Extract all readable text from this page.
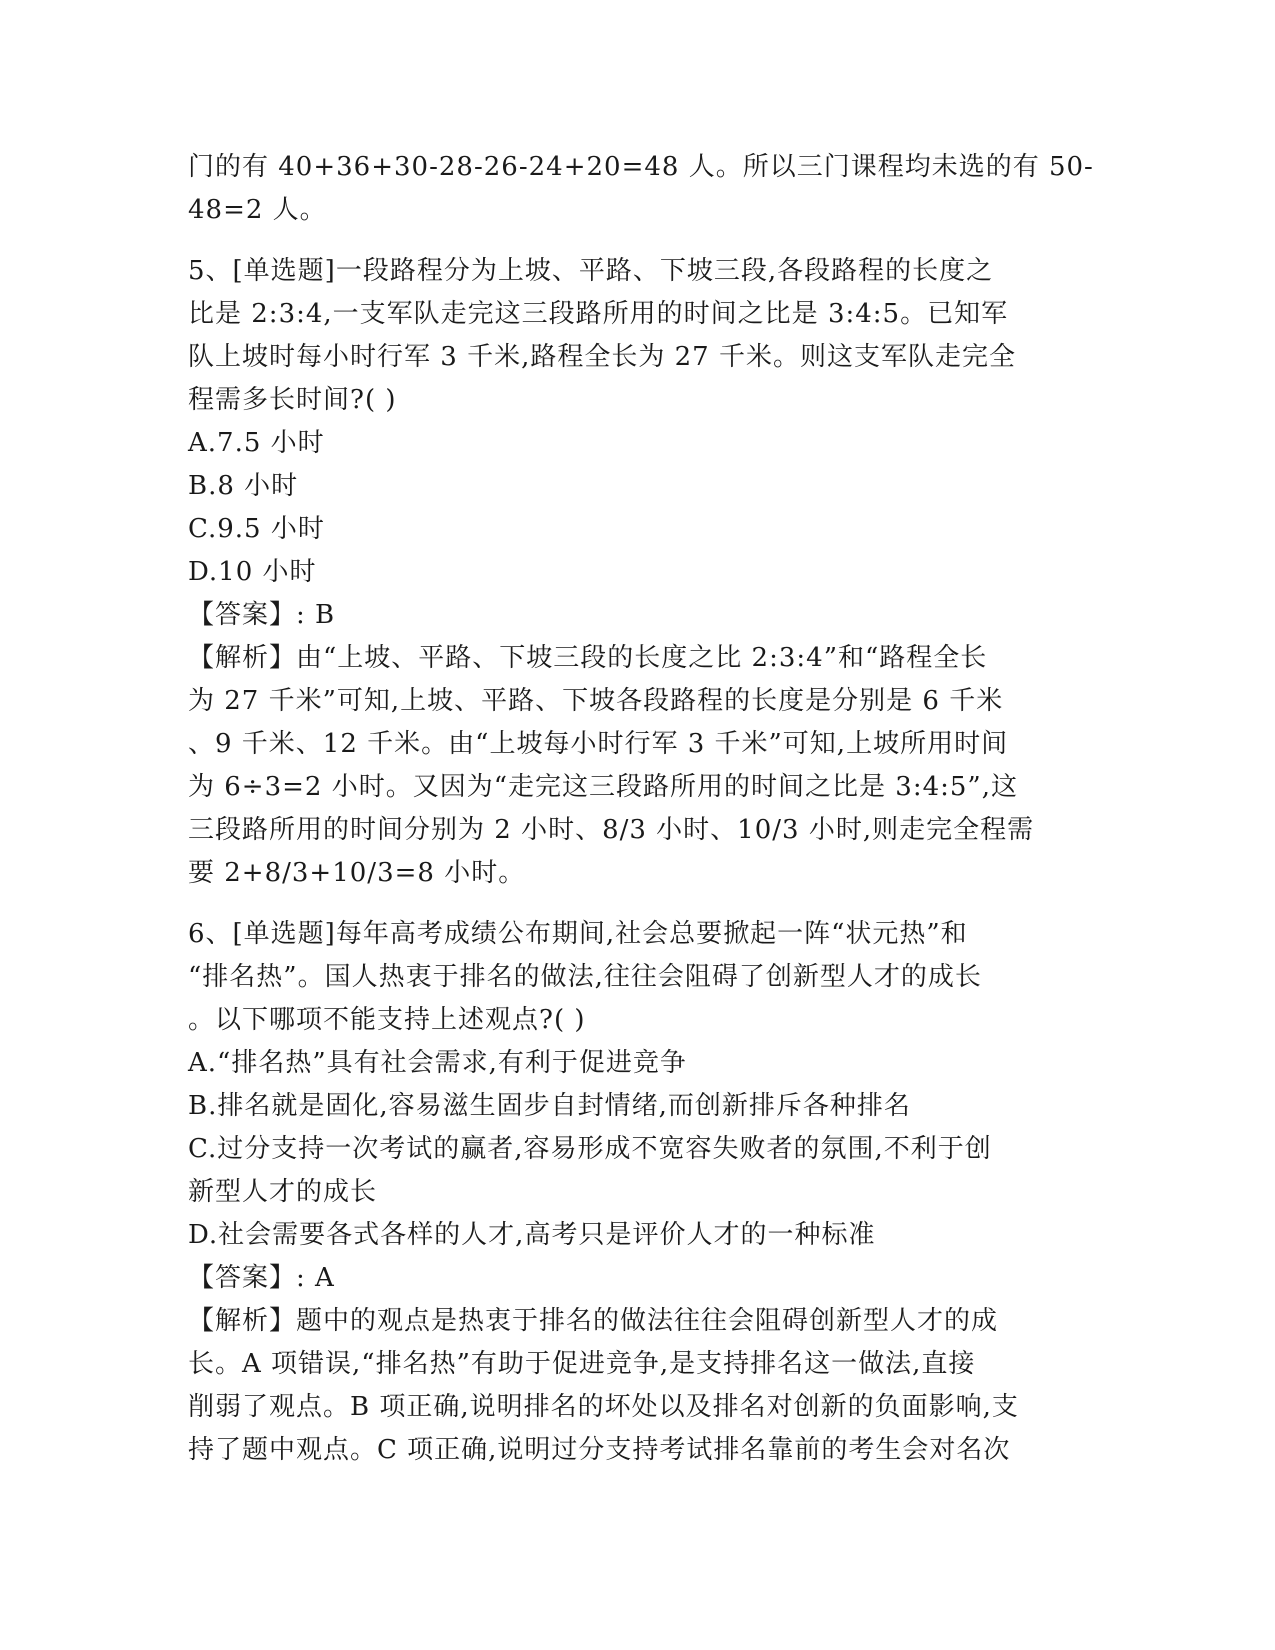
门的有 40+36+30-28-26-24+20=48 人。所以三门课程均未选的有 50-
48=2 人。
5、[单选题]一段路程分为上坡、平路、下坡三段,各段路程的长度之
比是 2:3:4,一支军队走完这三段路所用的时间之比是 3:4:5。已知军
队上坡时每小时行军 3 千米,路程全长为 27 千米。则这支军队走完全
程需多长时间?( )
A.7.5 小时
B.8 小时
C.9.5 小时
D.10 小时
【答案】: B
【解析】由“上坡、平路、下坡三段的长度之比 2:3:4”和“路程全长
为 27 千米”可知,上坡、平路、下坡各段路程的长度是分别是 6 千米
、9 千米、12 千米。由“上坡每小时行军 3 千米”可知,上坡所用时间
为 6÷3=2 小时。又因为“走完这三段路所用的时间之比是 3:4:5”,这
三段路所用的时间分别为 2 小时、8/3 小时、10/3 小时,则走完全程需
要 2+8/3+10/3=8 小时。
6、[单选题]每年高考成绩公布期间,社会总要掀起一阵“状元热”和
“排名热”。国人热衷于排名的做法,往往会阻碍了创新型人才的成长
。以下哪项不能支持上述观点?( )
A.“排名热”具有社会需求,有利于促进竞争
B.排名就是固化,容易滋生固步自封情绪,而创新排斥各种排名
C.过分支持一次考试的赢者,容易形成不宽容失败者的氛围,不利于创
新型人才的成长
D.社会需要各式各样的人才,高考只是评价人才的一种标准
【答案】: A
【解析】题中的观点是热衷于排名的做法往往会阻碍创新型人才的成
长。A 项错误,“排名热”有助于促进竞争,是支持排名这一做法,直接
削弱了观点。B 项正确,说明排名的坏处以及排名对创新的负面影响,支
持了题中观点。C 项正确,说明过分支持考试排名靠前的考生会对名次
